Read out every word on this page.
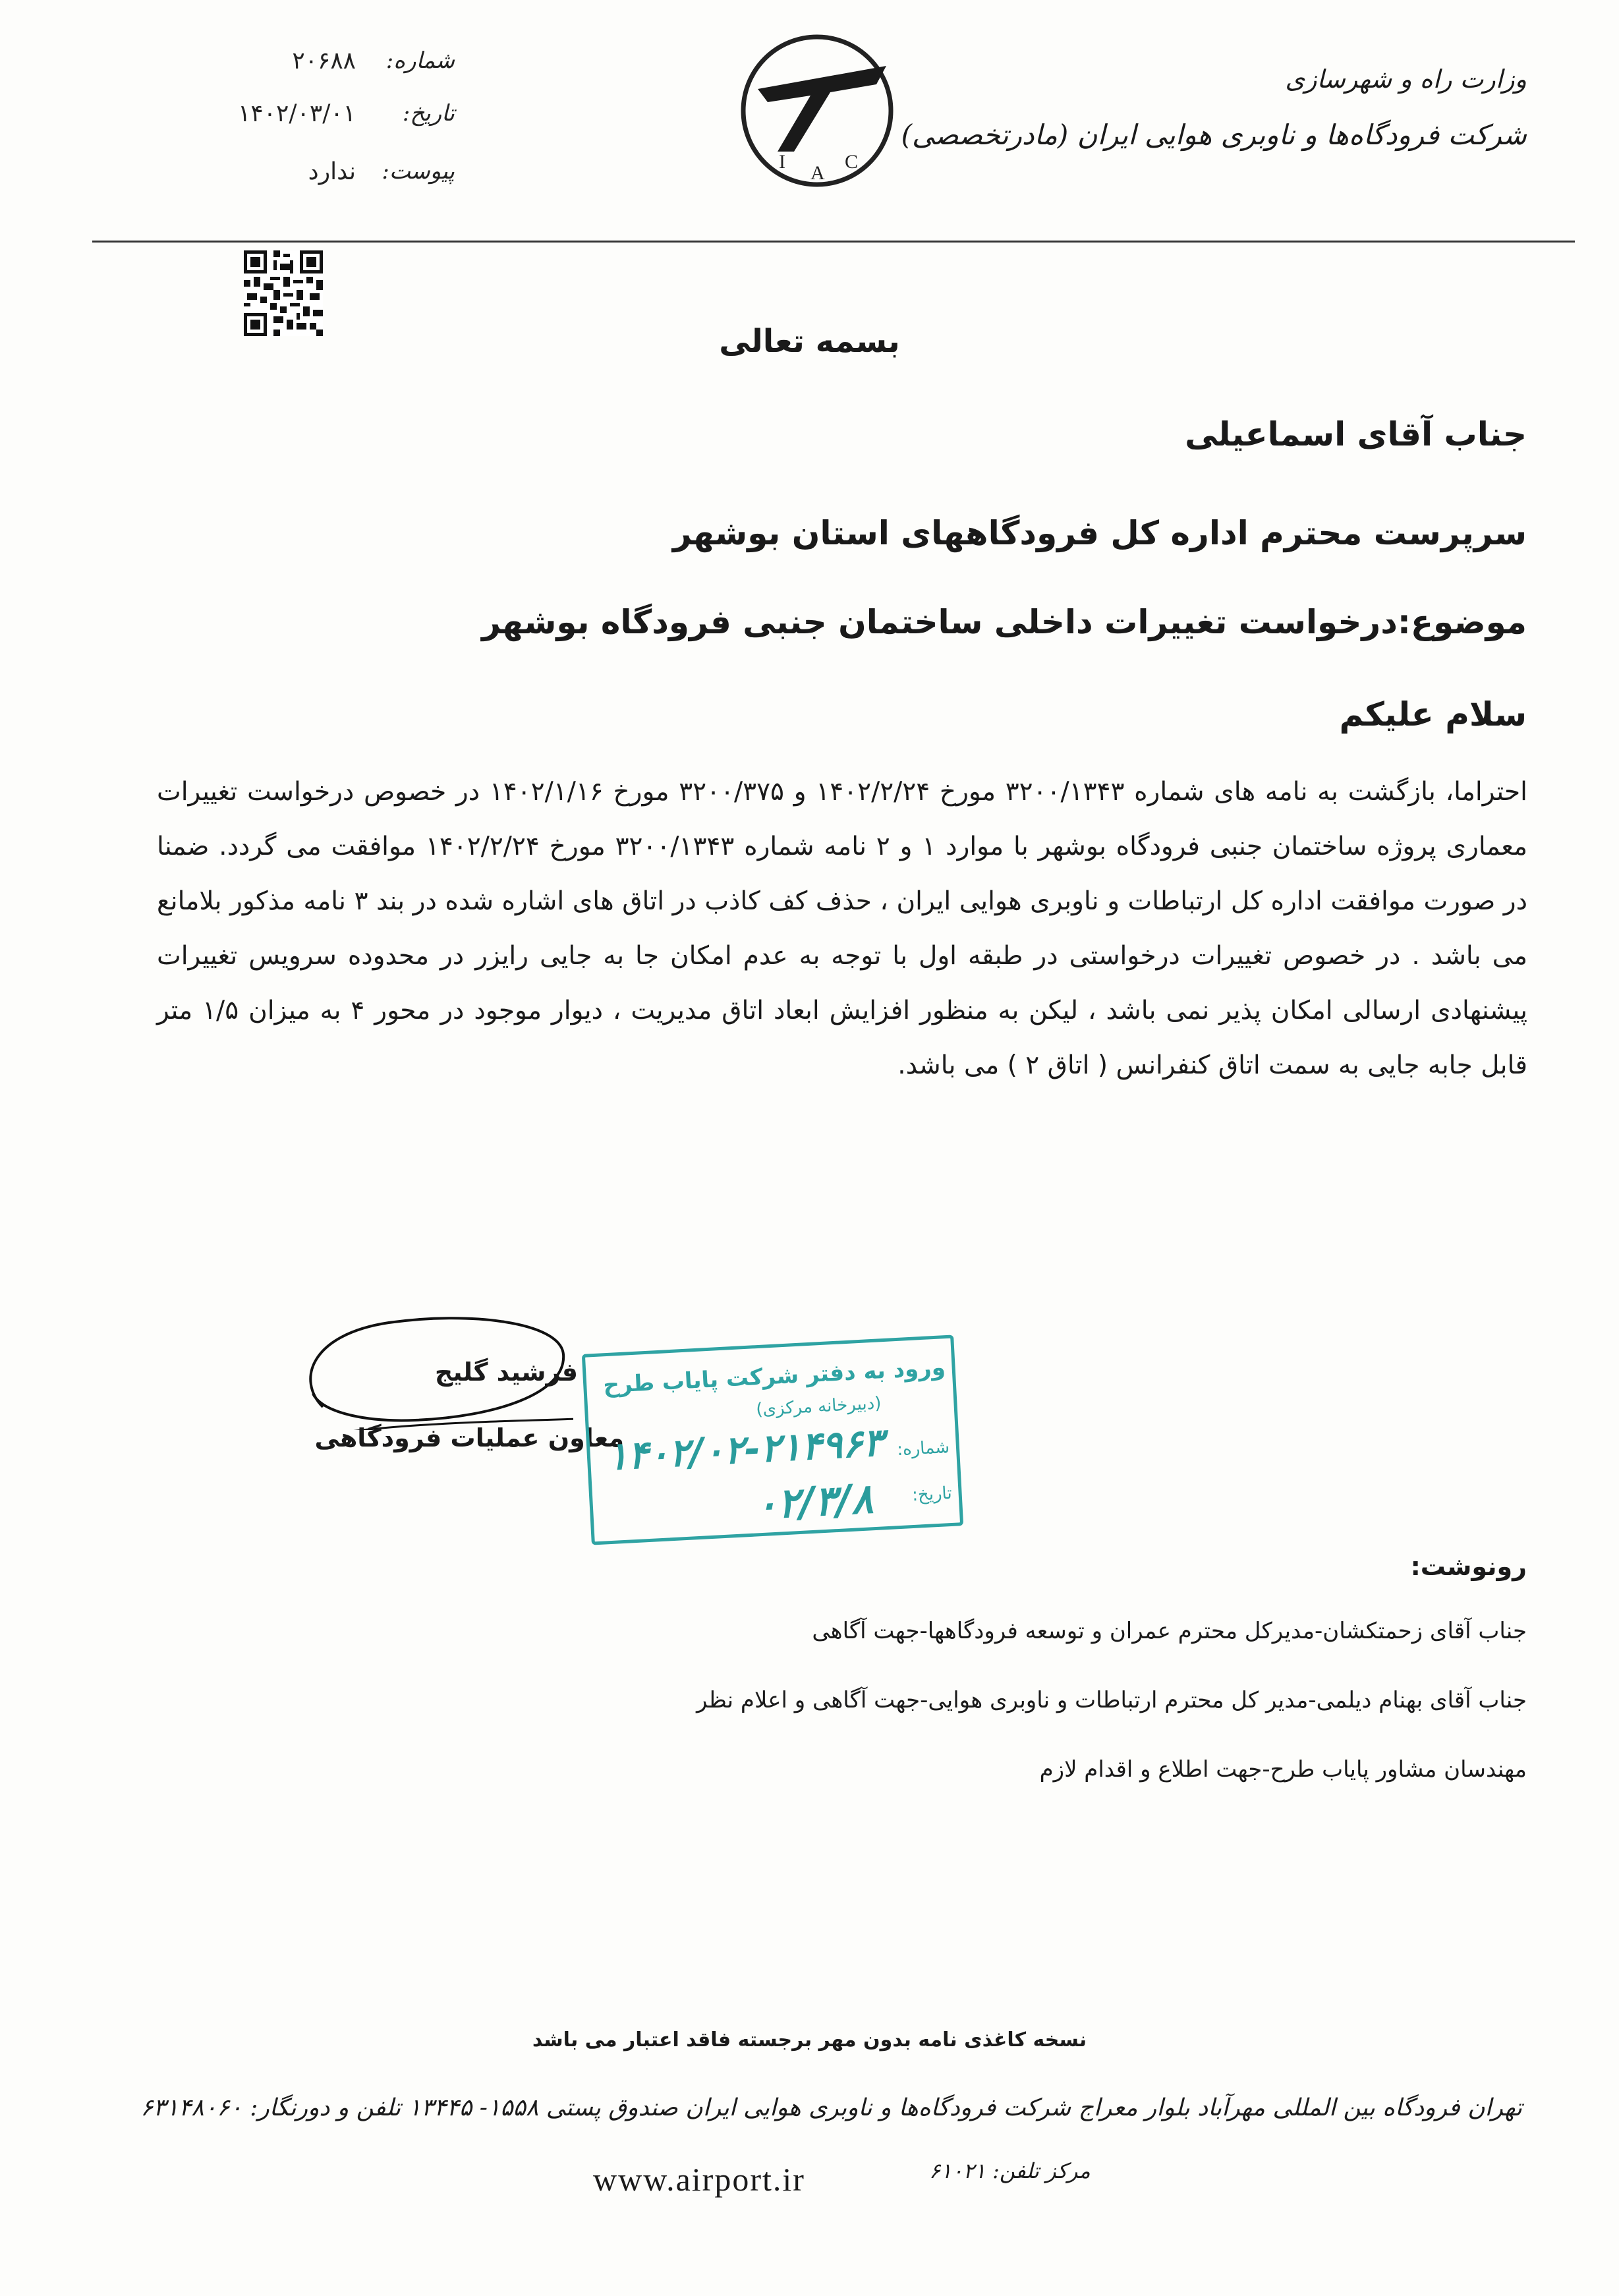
شماره:
۲۰۶۸۸
تاریخ:
۱۴۰۲/۰۳/۰۱
پیوست:
ندارد	I
A
C
وزارت راه و شهرسازی
شرکت فرودگاه‌ها و ناوبری هوایی ایران (مادرتخصصی)
بسمه تعالی
جناب آقای اسماعیلی
سرپرست محترم اداره کل فرودگاههای استان بوشهر
موضوع:درخواست تغییرات داخلی ساختمان جنبی فرودگاه بوشهر
سلام علیکم
احتراما، بازگشت به نامه های شماره ۳۲۰۰/۱۳۴۳ مورخ ۱۴۰۲/۲/۲۴ و ۳۲۰۰/۳۷۵ مورخ ۱۴۰۲/۱/۱۶ در خصوص درخواست تغییرات معماری پروژه ساختمان جنبی فرودگاه بوشهر با موارد ۱ و ۲ نامه شماره ۳۲۰۰/۱۳۴۳ مورخ ۱۴۰۲/۲/۲۴ موافقت می گردد. ضمنا در صورت موافقت اداره کل ارتباطات و ناوبری هوایی ایران ، حذف کف کاذب در اتاق های اشاره شده در بند ۳ نامه مذکور بلامانع می باشد . در خصوص تغییرات درخواستی در طبقه اول با توجه به عدم امکان جا به جایی رایزر در محدوده سرویس تغییرات پیشنهادی ارسالی امکان پذیر نمی باشد ، لیکن به منظور افزایش ابعاد اتاق مدیریت ، دیوار موجود در محور ۴ به میزان ۱/۵ متر قابل جابه جایی به سمت اتاق کنفرانس ( اتاق ۲ ) می باشد.
فرشید گلیج
معاون عملیات فرودگاهی
ورود به دفتر شرکت پایاب طرح
(دبیرخانه مرکزی)
شماره:
۱۴۰۲/۰۲-۲۱۴۹۶۳
تاریخ:
۰۲/۳/۸
رونوشت:
جناب آقای زحمتکشان-مدیرکل محترم عمران و توسعه فرودگاهها-جهت آگاهی
جناب آقای بهنام دیلمی-مدیر کل محترم ارتباطات و ناوبری هوایی-جهت آگاهی و اعلام نظر
مهندسان مشاور پایاب طرح-جهت اطلاع و اقدام لازم
نسخه کاغذی نامه بدون مهر برجسته فاقد اعتبار می باشد
تهران فرودگاه بین المللی مهرآباد بلوار معراج شرکت فرودگاه‌ها و ناوبری هوایی ایران صندوق پستی ۱۵۵۸- ۱۳۴۴۵ تلفن و دورنگار: ۶۳۱۴۸۰۶۰
مرکز تلفن: ۶۱۰۲۱
www.airport.ir
